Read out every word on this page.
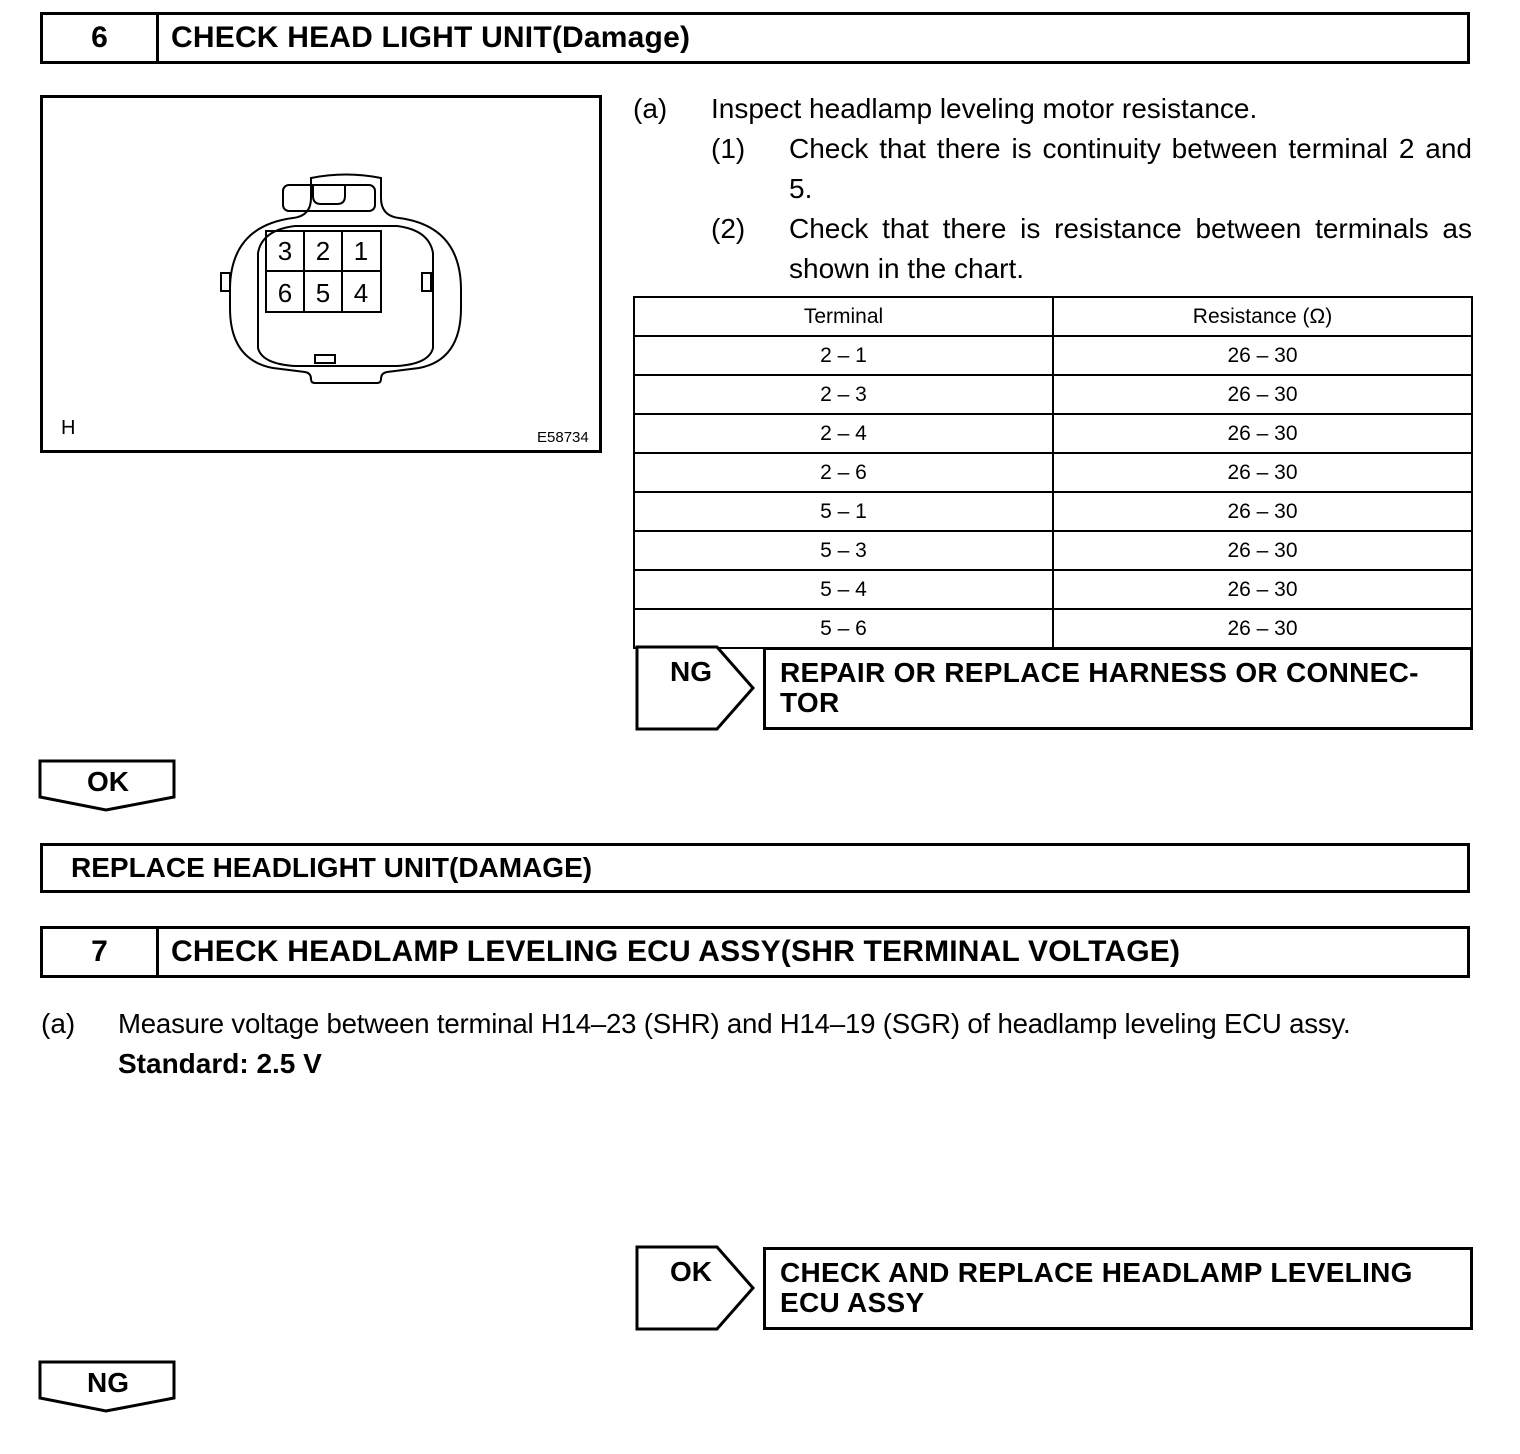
6	CHECK HEAD LIGHT UNIT(Damage)
3 2 1
6 5 4
H	E58734
(a) Inspect headlamp leveling motor resistance.
(1) Check that there is continuity between terminal 2 and 5.
(2) Check that there is resistance between terminals as shown in the chart.
Terminal	Resistance (Ω)
2 – 1	26 – 30
2 – 3	26 – 30
2 – 4	26 – 30
2 – 6	26 – 30
5 – 1	26 – 30
5 – 3	26 – 30
5 – 4	26 – 30
5 – 6	26 – 30
NG	REPAIR OR REPLACE HARNESS OR CONNEC-
TOR
OK
REPLACE HEADLIGHT UNIT(DAMAGE)
7	CHECK HEADLAMP LEVELING ECU ASSY(SHR TERMINAL VOLTAGE)
(a) Measure voltage between terminal H14–23 (SHR) and H14–19 (SGR) of headlamp leveling ECU assy.
Standard: 2.5 V
OK	CHECK AND REPLACE HEADLAMP LEVELING
ECU ASSY
NG
